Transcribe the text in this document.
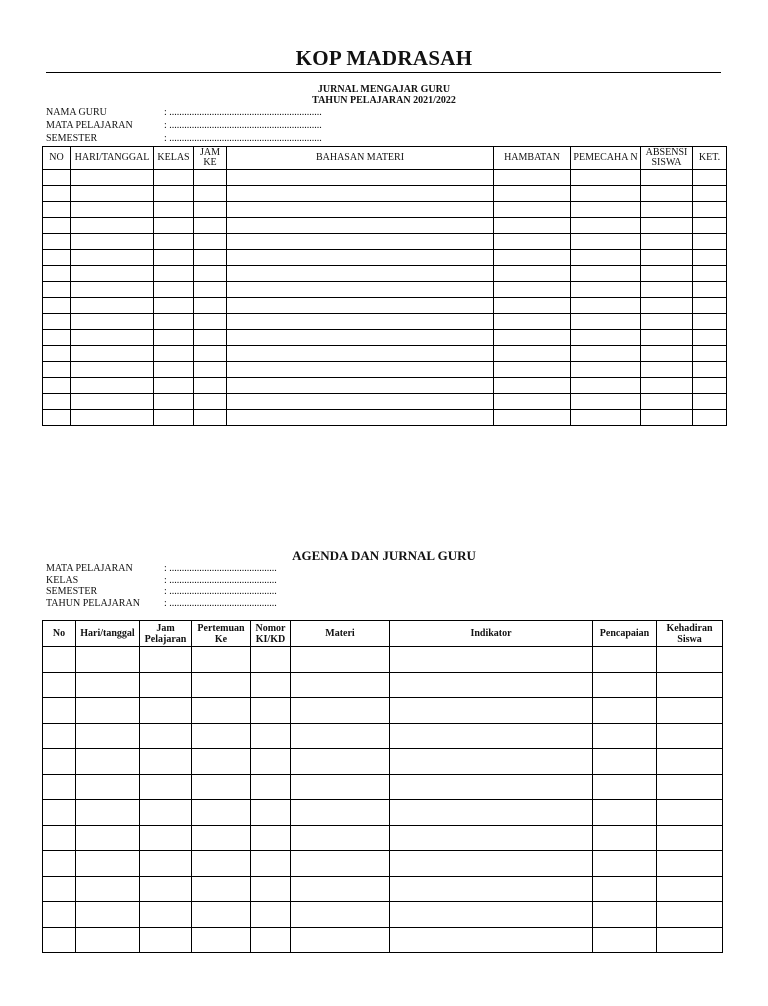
KOP MADRASAH
JURNAL MENGAJAR GURU
TAHUN PELAJARAN 2021/2022
NAMA GURU	: .............................................................
MATA PELAJARAN	: .............................................................
SEMESTER	: .............................................................
NO	HARI/TANGGAL	KELAS	JAM KE	BAHASAN MATERI	HAMBATAN	PEMECAHA N	ABSENSI SISWA	KET.

AGENDA DAN JURNAL GURU
MATA PELAJARAN	: ...........................................
KELAS	: ...........................................
SEMESTER	: ...........................................
TAHUN PELAJARAN	: ...........................................
No	Hari/tanggal	Jam Pelajaran	Pertemuan Ke	Nomor KI/KD	Materi	Indikator	Pencapaian	Kehadiran Siswa
